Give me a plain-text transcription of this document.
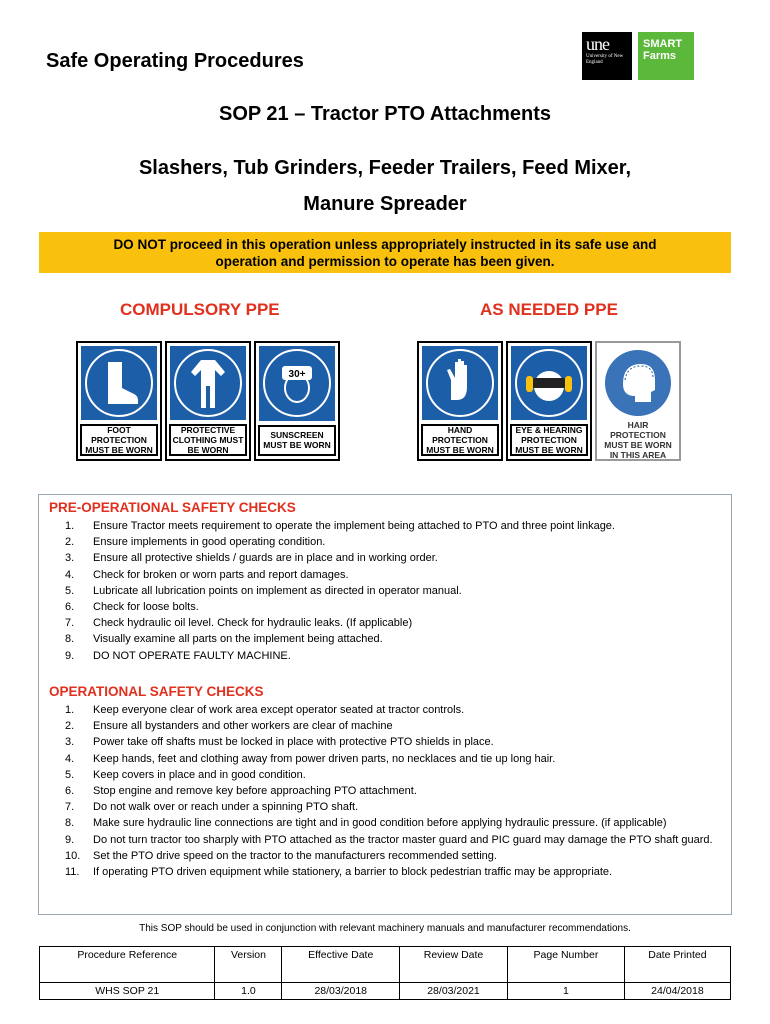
Safe Operating Procedures
une
University of New England
SMART Farms
SOP 21 – Tractor PTO Attachments
Slashers, Tub Grinders, Feeder Trailers, Feed Mixer,
Manure Spreader
DO NOT proceed in this operation unless appropriately instructed in its safe use and
operation and permission to operate has been given.
COMPULSORY PPE	AS NEEDED PPE
FOOT PROTECTION MUST BE WORN
PROTECTIVE CLOTHING MUST BE WORN
30+
SUNSCREEN MUST BE WORN
HAND PROTECTION MUST BE WORN
EYE & HEARING PROTECTION MUST BE WORN
HAIR PROTECTION MUST BE WORN IN THIS AREA
PRE-OPERATIONAL SAFETY CHECKS
1.	Ensure Tractor meets requirement to operate the implement being attached to PTO and three point linkage.
2.	Ensure implements in good operating condition.
3.	Ensure all protective shields / guards are in place and in working order.
4.	Check for broken or worn parts and report damages.
5.	Lubricate all lubrication points on implement as directed in operator manual.
6.	Check for loose bolts.
7.	Check hydraulic oil level. Check for hydraulic leaks. (If applicable)
8.	Visually examine all parts on the implement being attached.
9.	DO NOT OPERATE FAULTY MACHINE.
OPERATIONAL SAFETY CHECKS
1.	Keep everyone clear of work area except operator seated at tractor controls.
2.	Ensure all bystanders and other workers are clear of machine
3.	Power take off shafts must be locked in place with protective PTO shields in place.
4.	Keep hands, feet and clothing away from power driven parts, no necklaces and tie up long hair.
5.	Keep covers in place and in good condition.
6.	Stop engine and remove key before approaching PTO attachment.
7.	Do not walk over or reach under a spinning PTO shaft.
8.	Make sure hydraulic line connections are tight and in good condition before applying hydraulic pressure. (if applicable)
9.	Do not turn tractor too sharply with PTO attached as the tractor master guard and PIC guard may damage the PTO shaft guard.
10.	Set the PTO drive speed on the tractor to the manufacturers recommended setting.
11.	If operating PTO driven equipment while stationery, a barrier to block pedestrian traffic may be appropriate.
This SOP should be used in conjunction with relevant machinery manuals and manufacturer recommendations.
Procedure Reference	Version	Effective Date	Review Date	Page Number	Date Printed
WHS SOP 21	1.0	28/03/2018	28/03/2021	1	24/04/2018
